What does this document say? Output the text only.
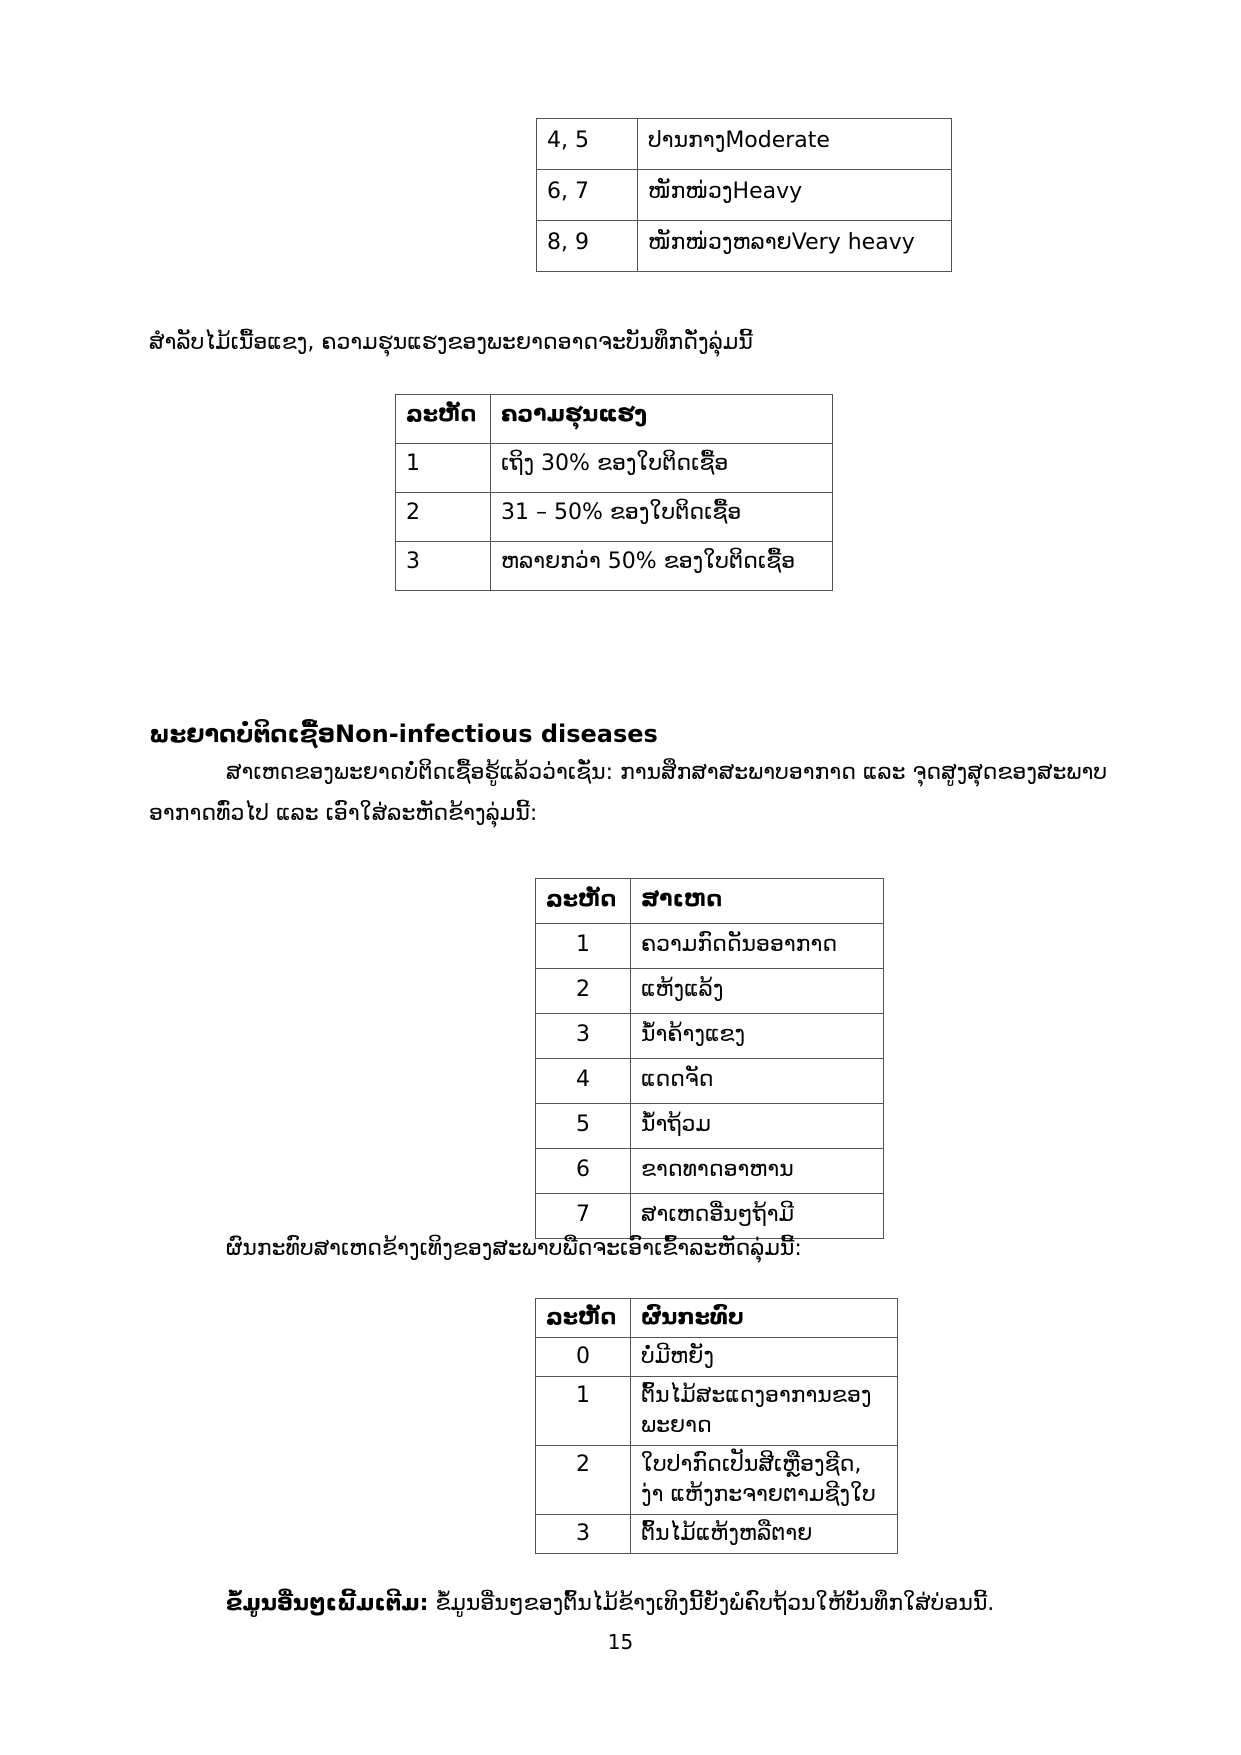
4, 5	ປານກາງModerate
6, 7	ໜັກໜ່ວງHeavy
8, 9	ໜັກໜ່ວງຫລາຍVery heavy
ສຳລັບໄມ້ເນື້ອແຂງ, ຄວາມຮຸນແຮງຂອງພະຍາດອາດຈະບັນທຶກດັ່ງລຸ່ມນີ້
ລະຫັດ	ຄວາມຮຸນແຮງ
1	ເຖິງ 30% ຂອງໃບຕິດເຊື້ອ
2	31 – 50% ຂອງໃບຕິດເຊື້ອ
3	ຫລາຍກວ່າ 50% ຂອງໃບຕິດເຊື້ອ
ພະຍາດບໍ່ຕິດເຊື້ອNon-infectious diseases
ສາເຫດຂອງພະຍາດບໍ່ຕິດເຊື້ອຮູ້ແລ້ວວ່າເຊັ່ນ: ການສຶກສາສະພາບອາກາດ ແລະ ຈຸດສູງສຸດຂອງສະພາບ
ອາກາດທົ່ວໄປ ແລະ ເອົາໃສ່ລະຫັດຂ້າງລຸ່ມນີ້:
ລະຫັດ	ສາເຫດ
1	ຄວາມກົດດັນອອາກາດ
2	ແຫ້ງແລ້ງ
3	ນ້ຳຄ້າງແຂງ
4	ແດດຈັດ
5	ນ້ຳຖ້ວມ
6	ຂາດທາດອາຫານ
7	ສາເຫດອື່ນໆຖ້າມີ
ຜົນກະທົບສາເຫດຂ້າງເທິງຂອງສະພາບພືດຈະເອົາເຂົ້າລະຫັດລຸ່ມນີ້:
ລະຫັດ	ຜົນກະທົບ
0	ບໍ່ມີຫຍັງ
1	ຕົ້ນໄມ້ສະແດງອາການຂອງ ພະຍາດ
2	ໃບປາກົດເປັນສີເຫຼືອງຊີດ, ງ່າ ແຫ້ງກະຈາຍຕາມຊີງໃບ
3	ຕົ້ນໄມ້ແຫ້ງຫລືຕາຍ
ຂໍ້ມູນອື່ນໆເພີ້ມເຕີມ: ຂໍ້ມູນອື່ນໆຂອງຕົ້ນໄມ້ຂ້າງເທິງນີ້ຍັງພໍຄົບຖ້ວນໃຫ້ບັນທຶກໃສ່ບ່ອນນີ້.
15
